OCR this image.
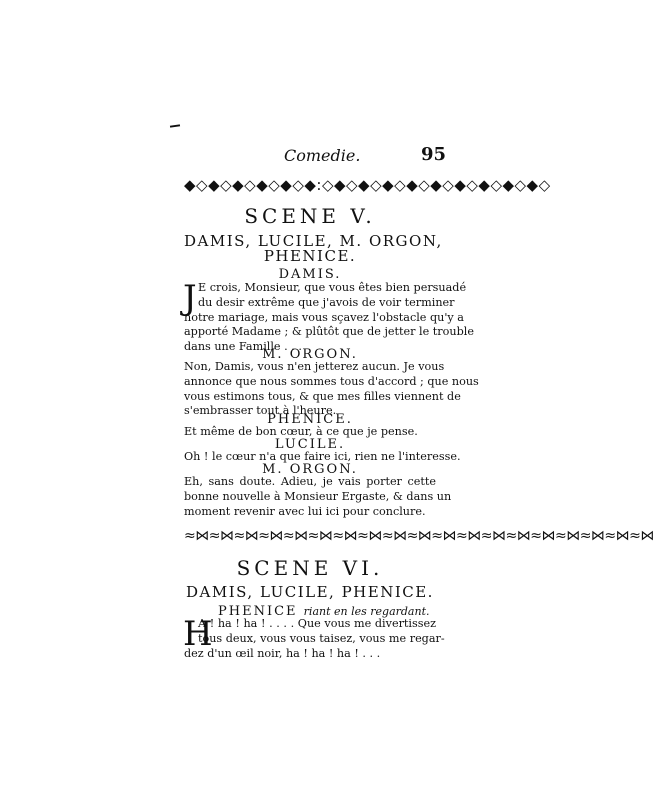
Comedie.	95
◆◇◆◇◆◇◆◇◆◇◆:◇◆◇◆◇◆◇◆◇◆◇◆◇◆◇◆◇◆◇
SCENE V.
DAMIS, LUCILE, M. ORGON,
PHENICE.
DAMIS.
J E crois, Monsieur, que vous êtes bien persuadé
du desir extrême que j'avois de voir terminer
notre mariage, mais vous sçavez l'obstacle qu'y a
apporté Madame ; & plûtôt que de jetter le trouble
dans une Famille . . .
M. ORGON.
Non, Damis, vous n'en jetterez aucun. Je vous
annonce que nous sommes tous d'accord ; que nous
vous estimons tous, & que mes filles viennent de
s'embrasser tout à l'heure.
PHENICE.
Et même de bon cœur, à ce que je pense.
LUCILE.
Oh ! le cœur n'a que faire ici, rien ne l'interesse.
M. ORGON.
Eh, sans doute. Adieu, je vais porter cette
bonne nouvelle à Monsieur Ergaste, & dans un
moment revenir avec lui ici pour conclure.
≈⋈≈⋈≈⋈≈⋈≈⋈≈⋈≈⋈≈⋈≈⋈≈⋈≈⋈≈⋈≈⋈≈⋈≈⋈≈⋈≈⋈≈⋈≈⋈
SCENE VI.
DAMIS, LUCILE, PHENICE.
PHENICE riant en les regardant.
H
A ! ha ! ha ! . . . . Que vous me divertissez
tous deux, vous vous taisez, vous me regar-
dez d'un œil noir, ha ! ha ! ha ! . . .
